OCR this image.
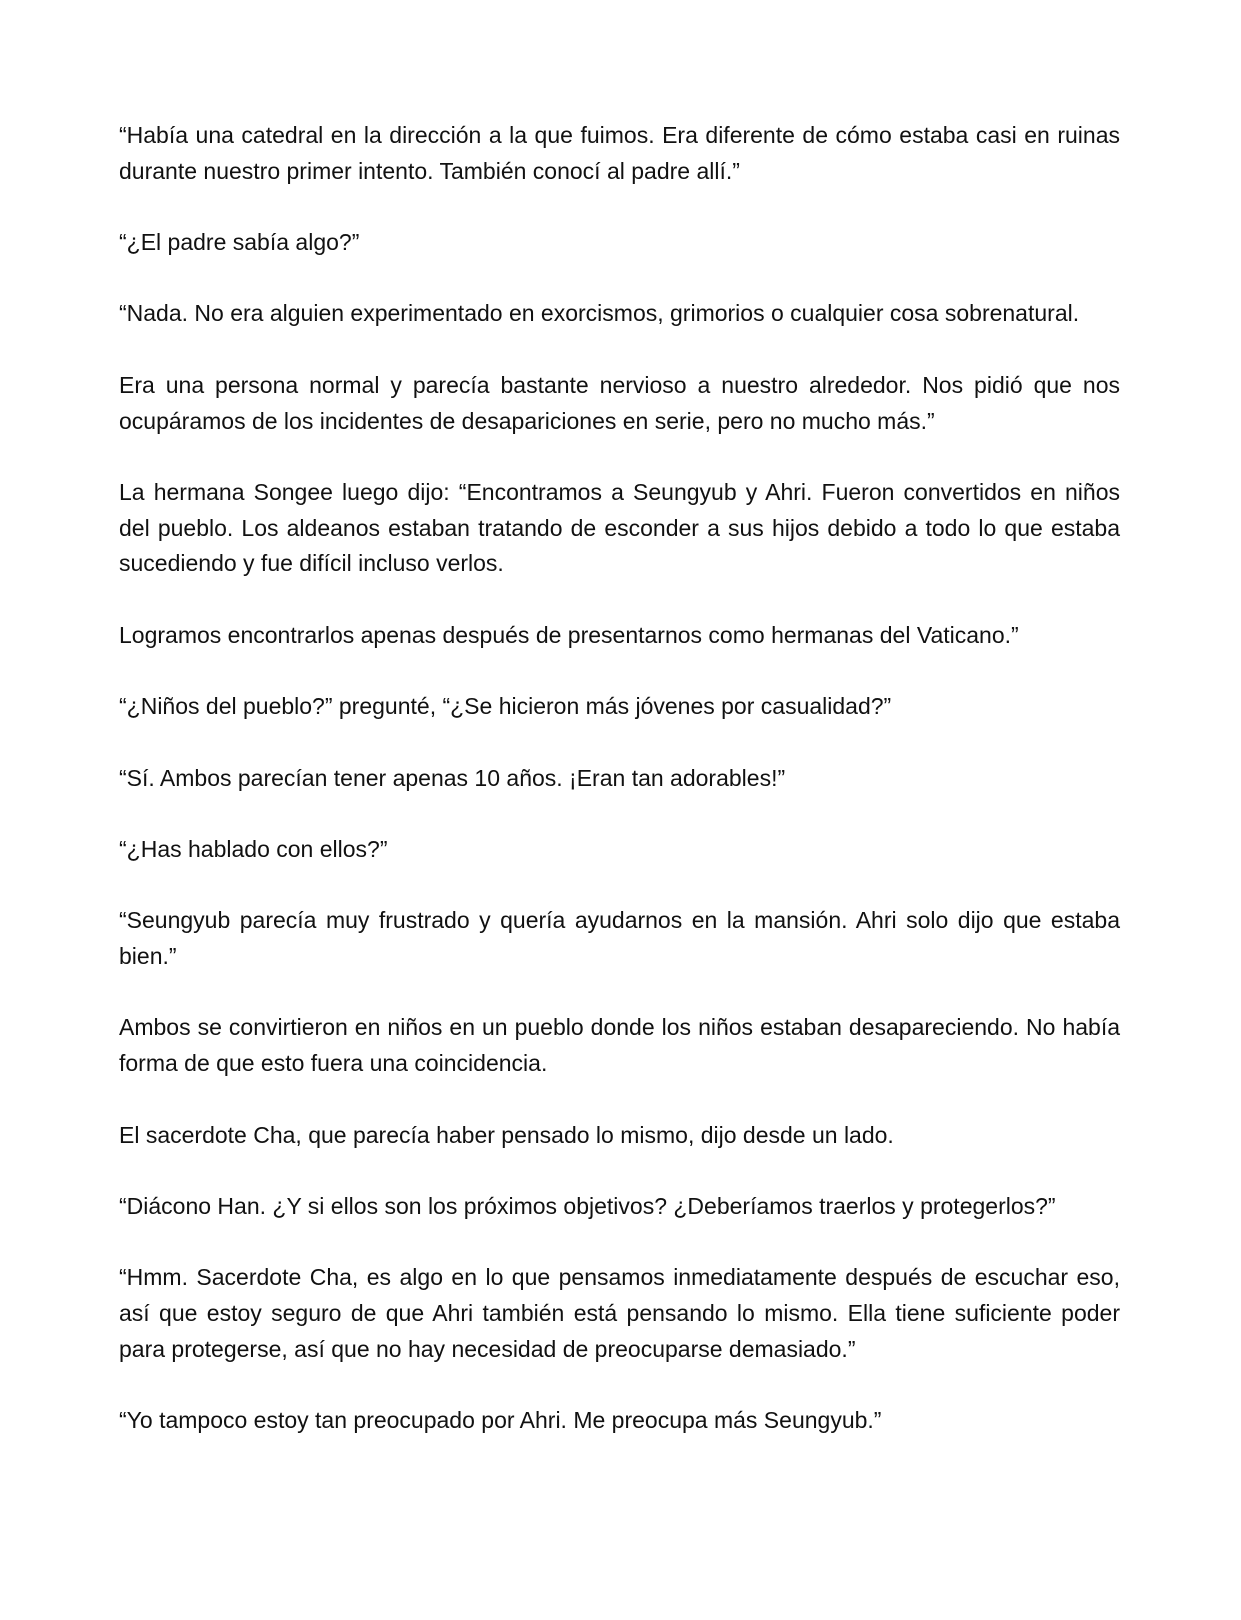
“Había una catedral en la dirección a la que fuimos. Era diferente de cómo estaba casi en ruinas durante nuestro primer intento. También conocí al padre allí.”

“¿El padre sabía algo?”

“Nada. No era alguien experimentado en exorcismos, grimorios o cualquier cosa sobrenatural.

Era una persona normal y parecía bastante nervioso a nuestro alrededor. Nos pidió que nos ocupáramos de los incidentes de desapariciones en serie, pero no mucho más.”

La hermana Songee luego dijo: “Encontramos a Seungyub y Ahri. Fueron convertidos en niños del pueblo. Los aldeanos estaban tratando de esconder a sus hijos debido a todo lo que estaba sucediendo y fue difícil incluso verlos.

Logramos encontrarlos apenas después de presentarnos como hermanas del Vaticano.”

“¿Niños del pueblo?” pregunté, “¿Se hicieron más jóvenes por casualidad?”

“Sí. Ambos parecían tener apenas 10 años. ¡Eran tan adorables!”

“¿Has hablado con ellos?”

“Seungyub parecía muy frustrado y quería ayudarnos en la mansión. Ahri solo dijo que estaba bien.”

Ambos se convirtieron en niños en un pueblo donde los niños estaban desapareciendo. No había forma de que esto fuera una coincidencia.

El sacerdote Cha, que parecía haber pensado lo mismo, dijo desde un lado.

“Diácono Han. ¿Y si ellos son los próximos objetivos? ¿Deberíamos traerlos y protegerlos?”

“Hmm. Sacerdote Cha, es algo en lo que pensamos inmediatamente después de escuchar eso, así que estoy seguro de que Ahri también está pensando lo mismo. Ella tiene suficiente poder para protegerse, así que no hay necesidad de preocuparse demasiado.”

“Yo tampoco estoy tan preocupado por Ahri. Me preocupa más Seungyub.”
